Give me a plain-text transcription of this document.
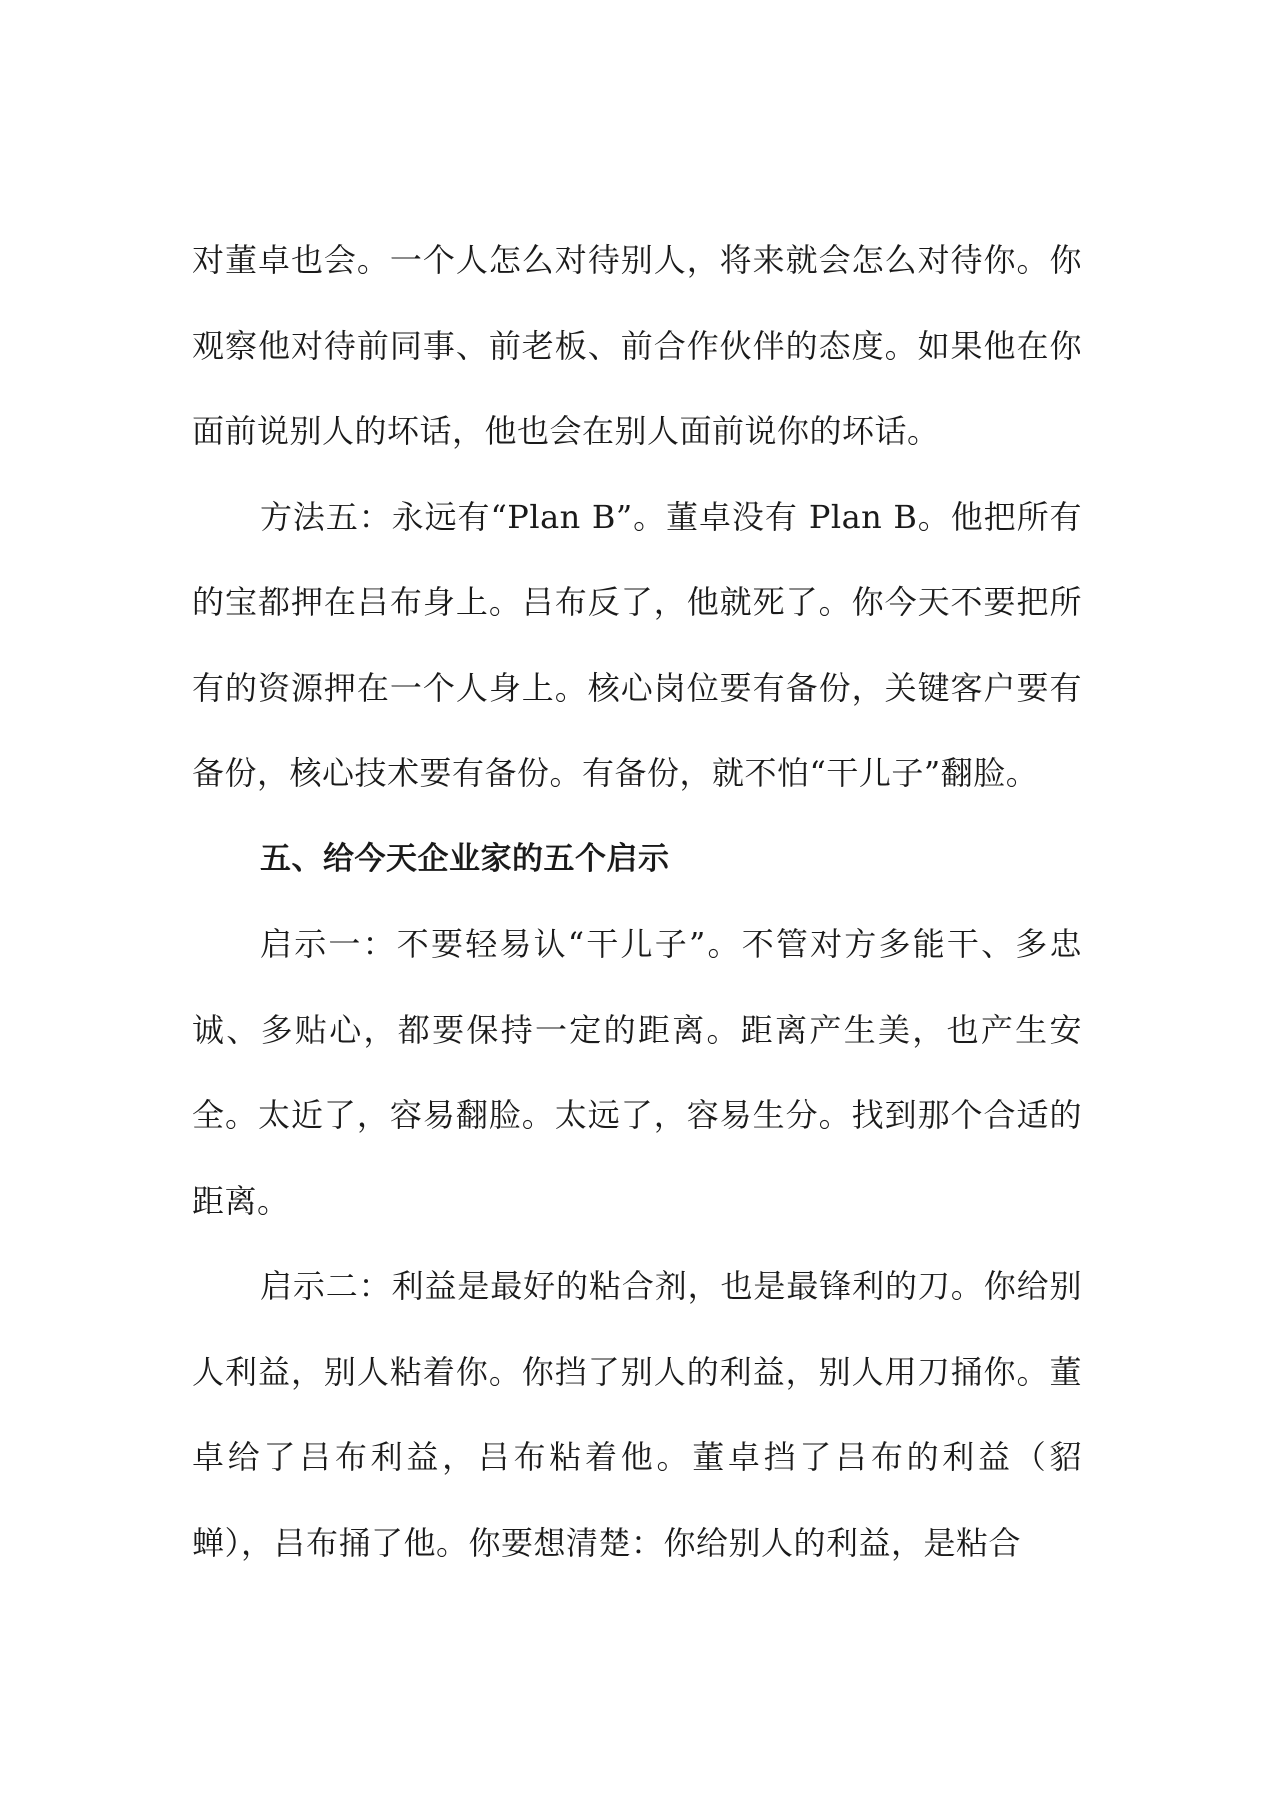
对董卓也会。一个人怎么对待别人，将来就会怎么对待你。你观察他对待前同事、前老板、前合作伙伴的态度。如果他在你面前说别人的坏话，他也会在别人面前说你的坏话。

方法五：永远有“Plan B”。董卓没有 Plan B。他把所有的宝都押在吕布身上。吕布反了，他就死了。你今天不要把所有的资源押在一个人身上。核心岗位要有备份，关键客户要有备份，核心技术要有备份。有备份，就不怕“干儿子”翻脸。

五、给今天企业家的五个启示

启示一：不要轻易认“干儿子”。不管对方多能干、多忠诚、多贴心，都要保持一定的距离。距离产生美，也产生安全。太近了，容易翻脸。太远了，容易生分。找到那个合适的距离。

启示二：利益是最好的粘合剂，也是最锋利的刀。你给别人利益，别人粘着你。你挡了别人的利益，别人用刀捅你。董卓给了吕布利益，吕布粘着他。董卓挡了吕布的利益（貂蝉），吕布捅了他。你要想清楚：你给别人的利益，是粘合
